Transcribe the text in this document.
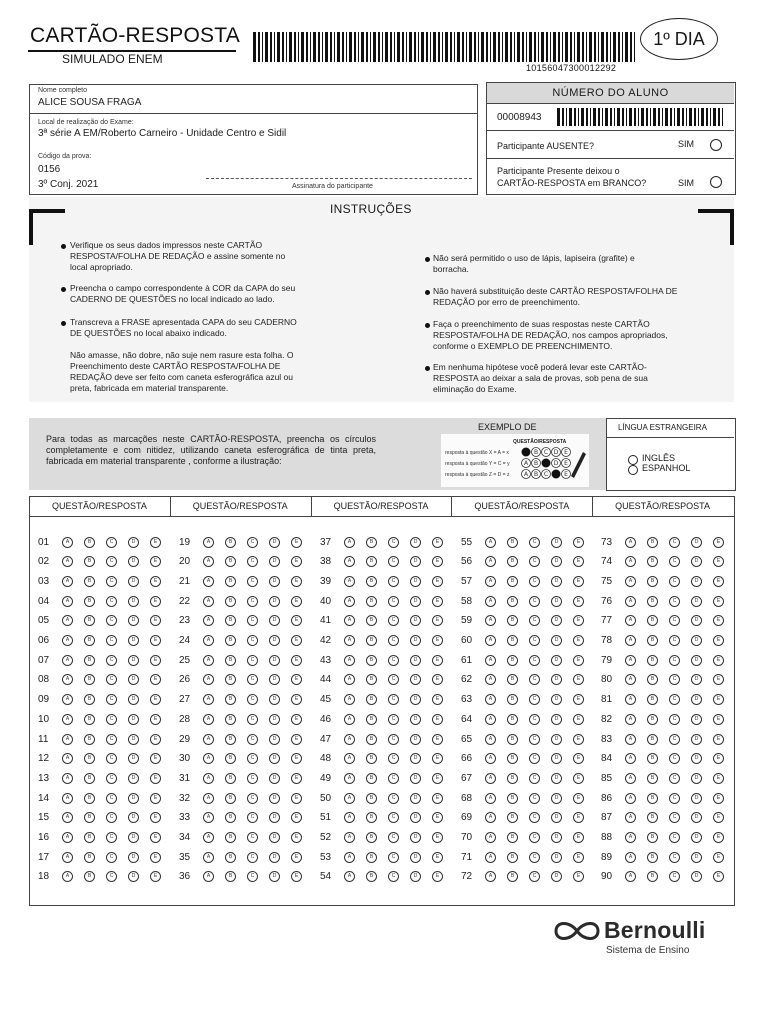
CARTÃO-RESPOSTA
SIMULADO ENEM
10156047300012292
1º DIA
Nome completo
ALICE SOUSA FRAGA
Local de realização do Exame:
3ª série A EM/Roberto Carneiro - Unidade Centro e Sidil
Código da prova:
0156
3º Conj. 2021	Assinatura do participante
NÚMERO DO ALUNO
00008943
Participante AUSENTE?	SIM
Participante Presente deixou o
CARTÃO-RESPOSTA em BRANCO?	SIM
INSTRUÇÕES
Verifique os seus dados impressos neste CARTÃO RESPOSTA/FOLHA DE REDAÇÃO e assine somente no local apropriado.
Preencha o campo correspondente à COR da CAPA do seu CADERNO DE QUESTÕES no local indicado ao lado.
Transcreva a FRASE apresentada CAPA do seu CADERNO DE QUESTÕES no local abaixo indicado.
Não amasse, não dobre, não suje nem rasure esta folha. O Preenchimento deste CARTÃO RESPOSTA/FOLHA DE REDAÇÃO deve ser feito com caneta esferográfica azul ou preta, fabricada em material transparente.
Não será permitido o uso de lápis, lapiseira (grafite) e borracha.
Não haverá substituição deste CARTÃO RESPOSTA/FOLHA DE REDAÇÃO por erro de preenchimento.
Faça o preenchimento de suas respostas neste CARTÃO RESPOSTA/FOLHA DE REDAÇÃO, nos campos apropriados, conforme o EXEMPLO DE PREENCHIMENTO.
Em nenhuma hipótese você poderá levar este CARTÃO-RESPOSTA ao deixar a sala de provas, sob pena de sua eliminação do Exame.
Para todas as marcações neste CARTÃO-RESPOSTA, preencha os círculos completamente e com nitidez, utilizando caneta esferográfica de tinta preta, fabricada em material transparente , conforme a ilustração:
EXEMPLO DE
QUESTÃO/RESPOSTA
resposta à questão X = A = x
resposta à questão Y = C = y
resposta à questão Z = D = z
B C D E
A B	D E
A B C	E
LÍNGUA ESTRANGEIRA
INGLÊS
ESPANHOL
QUESTÃO/RESPOSTA	QUESTÃO/RESPOSTA	QUESTÃO/RESPOSTA	QUESTÃO/RESPOSTA	QUESTÃO/RESPOSTA
01	A	B	C	D	E
02	A	B	C	D	E
03	A	B	C	D	E
04	A	B	C	D	E
05	A	B	C	D	E
06	A	B	C	D	E
07	A	B	C	D	E
08	A	B	C	D	E
09	A	B	C	D	E
10	A	B	C	D	E
11	A	B	C	D	E
12	A	B	C	D	E
13	A	B	C	D	E
14	A	B	C	D	E
15	A	B	C	D	E
16	A	B	C	D	E
17	A	B	C	D	E
18	A	B	C	D	E
19	A	B	C	D	E
20	A	B	C	D	E
21	A	B	C	D	E
22	A	B	C	D	E
23	A	B	C	D	E
24	A	B	C	D	E
25	A	B	C	D	E
26	A	B	C	D	E
27	A	B	C	D	E
28	A	B	C	D	E
29	A	B	C	D	E
30	A	B	C	D	E
31	A	B	C	D	E
32	A	B	C	D	E
33	A	B	C	D	E
34	A	B	C	D	E
35	A	B	C	D	E
36	A	B	C	D	E
37	A	B	C	D	E
38	A	B	C	D	E
39	A	B	C	D	E
40	A	B	C	D	E
41	A	B	C	D	E
42	A	B	C	D	E
43	A	B	C	D	E
44	A	B	C	D	E
45	A	B	C	D	E
46	A	B	C	D	E
47	A	B	C	D	E
48	A	B	C	D	E
49	A	B	C	D	E
50	A	B	C	D	E
51	A	B	C	D	E
52	A	B	C	D	E
53	A	B	C	D	E
54	A	B	C	D	E
55	A	B	C	D	E
56	A	B	C	D	E
57	A	B	C	D	E
58	A	B	C	D	E
59	A	B	C	D	E
60	A	B	C	D	E
61	A	B	C	D	E
62	A	B	C	D	E
63	A	B	C	D	E
64	A	B	C	D	E
65	A	B	C	D	E
66	A	B	C	D	E
67	A	B	C	D	E
68	A	B	C	D	E
69	A	B	C	D	E
70	A	B	C	D	E
71	A	B	C	D	E
72	A	B	C	D	E
73	A	B	C	D	E
74	A	B	C	D	E
75	A	B	C	D	E
76	A	B	C	D	E
77	A	B	C	D	E
78	A	B	C	D	E
79	A	B	C	D	E
80	A	B	C	D	E
81	A	B	C	D	E
82	A	B	C	D	E
83	A	B	C	D	E
84	A	B	C	D	E
85	A	B	C	D	E
86	A	B	C	D	E
87	A	B	C	D	E
88	A	B	C	D	E
89	A	B	C	D	E
90	A	B	C	D	E
Bernoulli
Sistema de Ensino
